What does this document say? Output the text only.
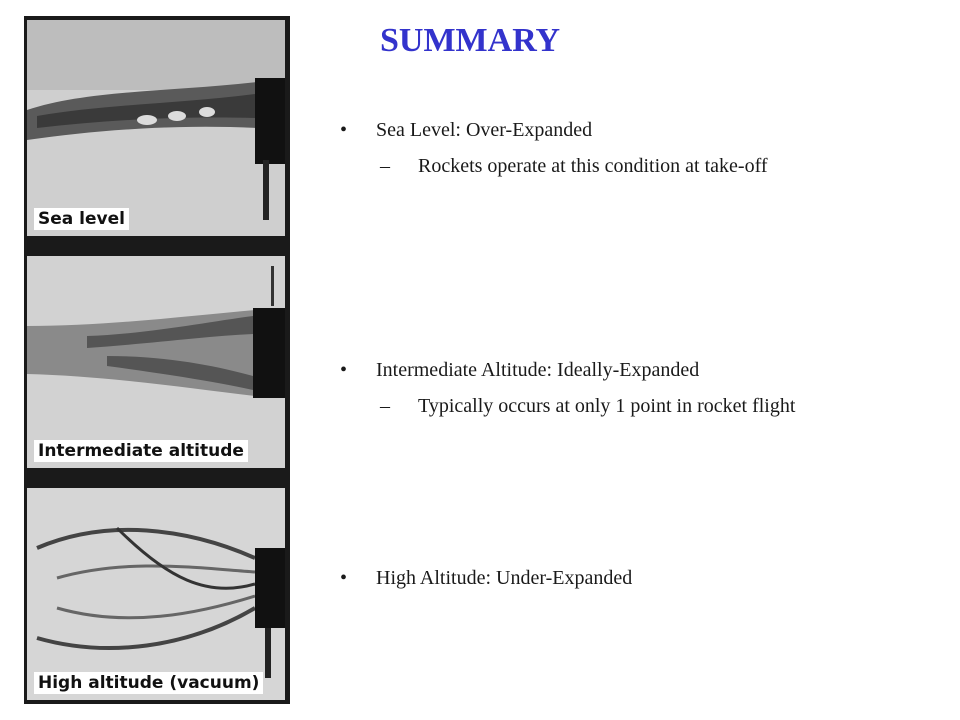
Sea level
Intermediate altitude
High altitude (vacuum)
SUMMARY
•	Sea Level: Over-Expanded
– Rockets operate at this condition at take-off
•	Intermediate Altitude: Ideally-Expanded
– Typically occurs at only 1 point in rocket flight
•	High Altitude: Under-Expanded
